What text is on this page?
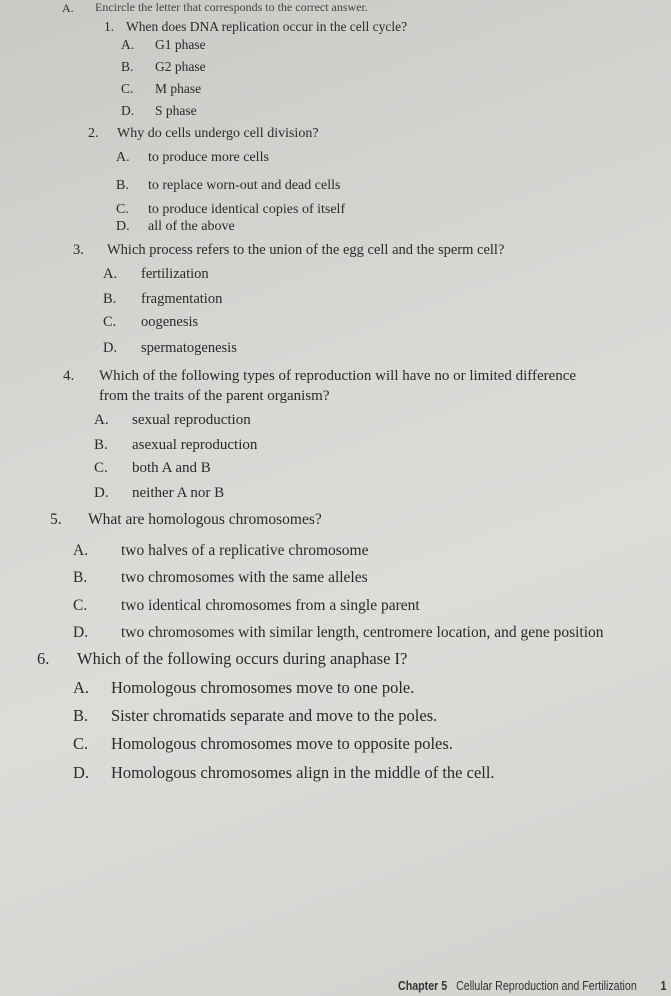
A. Encircle the letter that corresponds to the correct answer.
1. When does DNA replication occur in the cell cycle?
A. G1 phase
B. G2 phase
C. M phase
D. S phase
2. Why do cells undergo cell division?
A. to produce more cells
B. to replace worn-out and dead cells
C. to produce identical copies of itself
D. all of the above
3. Which process refers to the union of the egg cell and the sperm cell?
A. fertilization
B. fragmentation
C. oogenesis
D. spermatogenesis
4. Which of the following types of reproduction will have no or limited difference
from the traits of the parent organism?
A. sexual reproduction
B. asexual reproduction
C. both A and B
D. neither A nor B
5. What are homologous chromosomes?
A. two halves of a replicative chromosome
B. two chromosomes with the same alleles
C. two identical chromosomes from a single parent
D. two chromosomes with similar length, centromere location, and gene position
6. Which of the following occurs during anaphase I?
A. Homologous chromosomes move to one pole.
B. Sister chromatids separate and move to the poles.
C. Homologous chromosomes move to opposite poles.
D. Homologous chromosomes align in the middle of the cell.
Chapter 5 Cellular Reproduction and Fertilization 1
